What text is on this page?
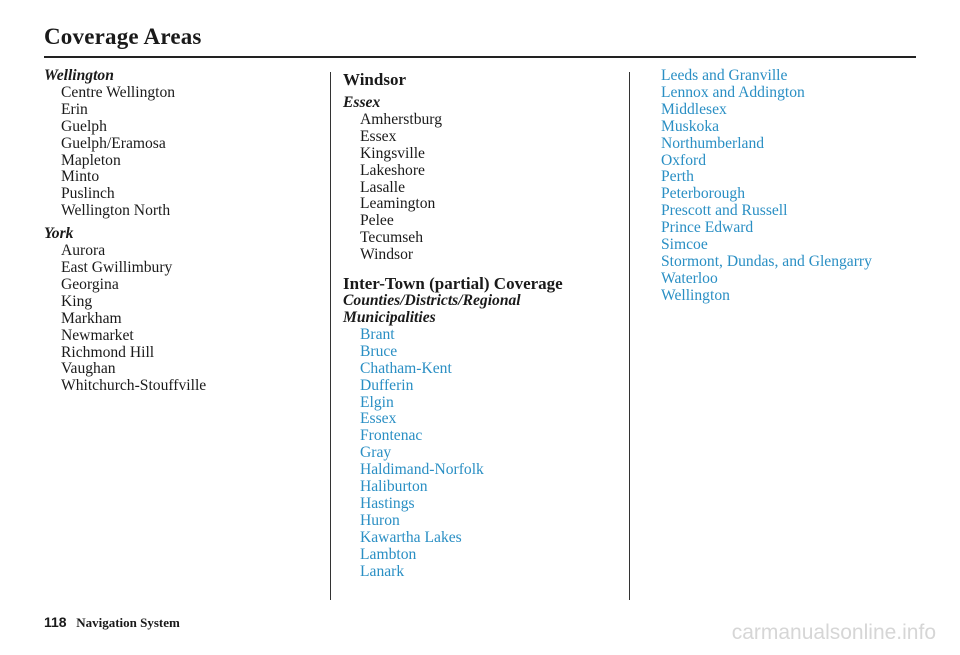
Coverage Areas
Wellington
Centre Wellington
Erin
Guelph
Guelph/Eramosa
Mapleton
Minto
Puslinch
Wellington North
York
Aurora
East Gwillimbury
Georgina
King
Markham
Newmarket
Richmond Hill
Vaughan
Whitchurch-Stouffville
Windsor
Essex
Amherstburg
Essex
Kingsville
Lakeshore
Lasalle
Leamington
Pelee
Tecumseh
Windsor
Inter-Town (partial) Coverage
Counties/Districts/Regional
Municipalities
Brant
Bruce
Chatham-Kent
Dufferin
Elgin
Essex
Frontenac
Gray
Haldimand-Norfolk
Haliburton
Hastings
Huron
Kawartha Lakes
Lambton
Lanark
Leeds and Granville
Lennox and Addington
Middlesex
Muskoka
Northumberland
Oxford
Perth
Peterborough
Prescott and Russell
Prince Edward
Simcoe
Stormont, Dundas, and Glengarry
Waterloo
Wellington
118 Navigation System	carmanualsonline.info
